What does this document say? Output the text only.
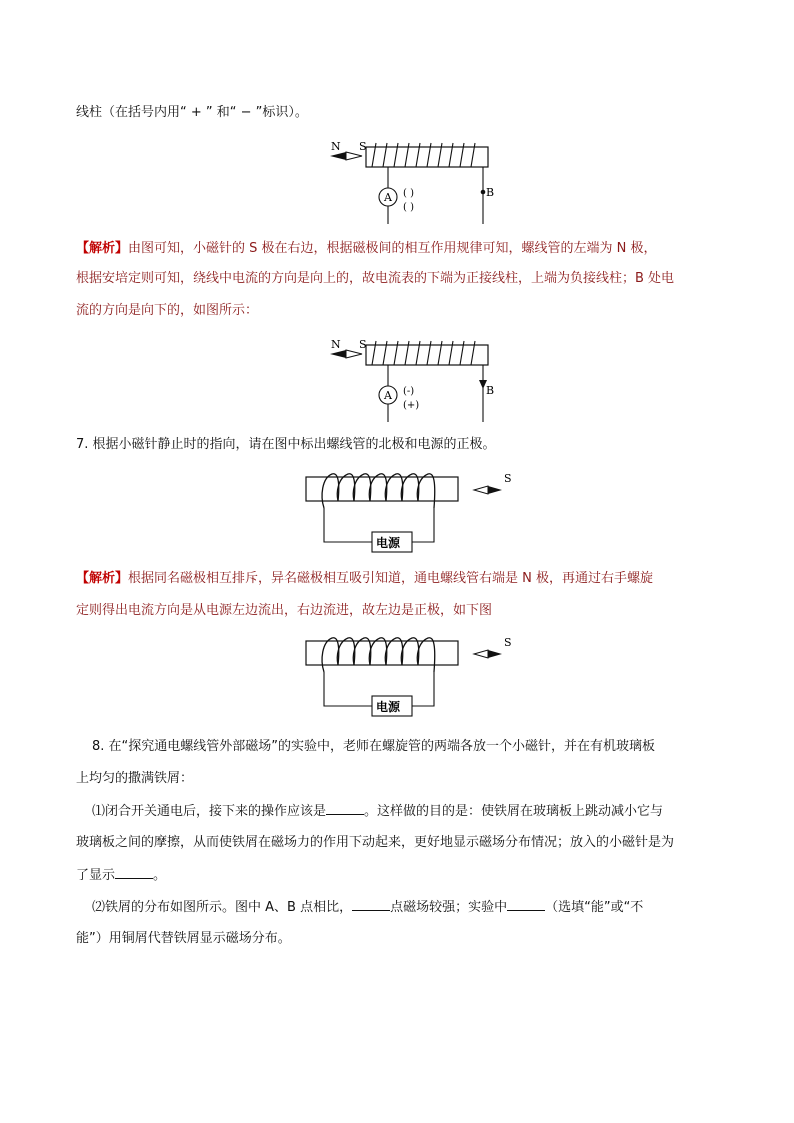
线柱（在括号内用“ + ” 和“ − ”标识）。
N S
A ( )
( )
B
【解析】由图可知，小磁针的 S 极在右边，根据磁极间的相互作用规律可知，螺线管的左端为 N 极，
根据安培定则可知，绕线中电流的方向是向上的，故电流表的下端为正接线柱，上端为负接线柱；B 处电
流的方向是向下的，如图所示：
N S
A (-)
(+)
B
7. 根据小磁针静止时的指向，请在图中标出螺线管的北极和电源的正极。
电源
S
【解析】根据同名磁极相互排斥，异名磁极相互吸引知道，通电螺线管右端是 N 极，再通过右手螺旋
定则得出电流方向是从电源左边流出，右边流进，故左边是正极，如下图
电源
S
8. 在“探究通电螺线管外部磁场”的实验中，老师在螺旋管的两端各放一个小磁针，并在有机玻璃板
上均匀的撒满铁屑：
⑴闭合开关通电后，接下来的操作应该是	。这样做的目的是：使铁屑在玻璃板上跳动减小它与
玻璃板之间的摩擦，从而使铁屑在磁场力的作用下动起来，更好地显示磁场分布情况；放入的小磁针是为
了显示	。
⑵铁屑的分布如图所示。图中 A、B 点相比，	点磁场较强；实验中	（选填“能”或“不
能”）用铜屑代替铁屑显示磁场分布。
